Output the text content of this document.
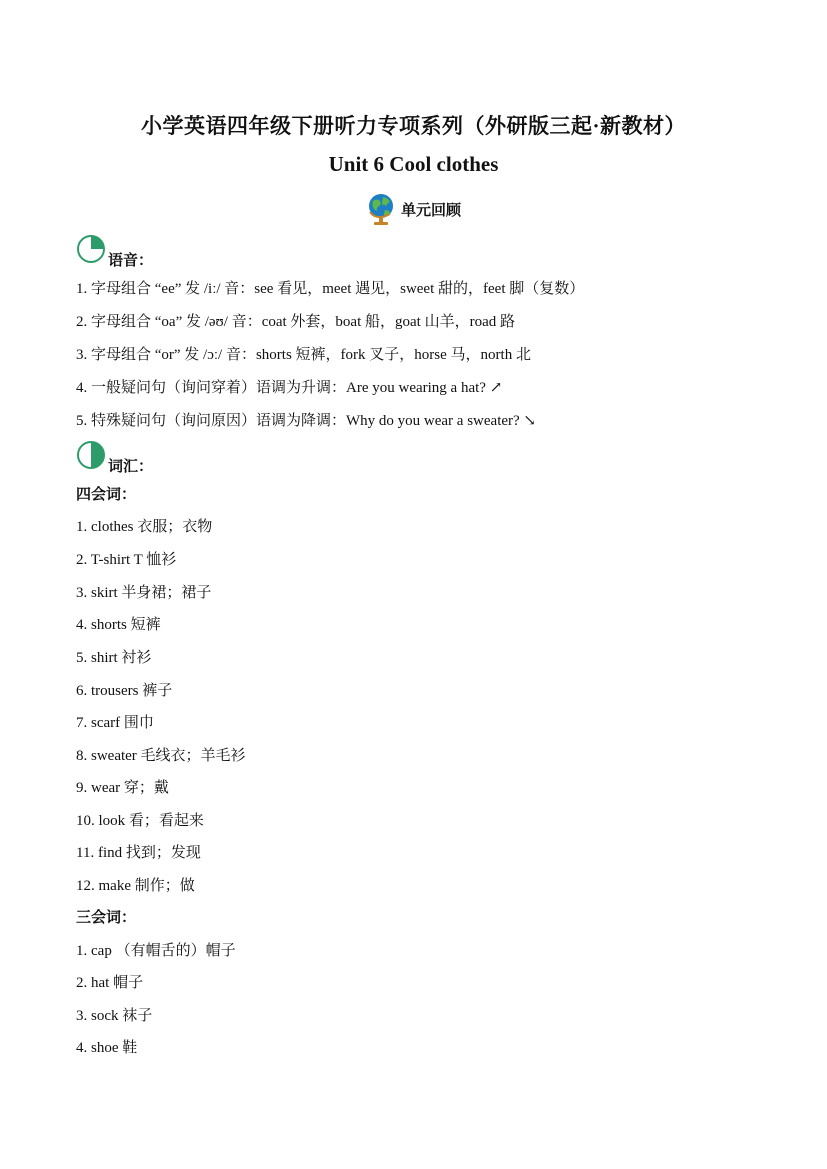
小学英语四年级下册听力专项系列（外研版三起·新教材）
Unit 6 Cool clothes
单元回顾
语音：
1. 字母组合 “ee” 发 /iː/ 音：see 看见，meet 遇见，sweet 甜的，feet 脚（复数）
2. 字母组合 “oa” 发 /əʊ/ 音：coat 外套，boat 船，goat 山羊，road 路
3. 字母组合 “or” 发 /ɔː/ 音：shorts 短裤，fork 叉子，horse 马，north 北
4. 一般疑问句（询问穿着）语调为升调：Are you wearing a hat? ↗
5. 特殊疑问句（询问原因）语调为降调：Why do you wear a sweater? ↘
词汇：
四会词：
1. clothes 衣服；衣物
2. T-shirt T 恤衫
3. skirt 半身裙；裙子
4. shorts 短裤
5. shirt 衬衫
6. trousers 裤子
7. scarf 围巾
8. sweater 毛线衣；羊毛衫
9. wear 穿；戴
10. look 看；看起来
11. find 找到；发现
12. make 制作；做
三会词：
1. cap （有帽舌的）帽子
2. hat 帽子
3. sock 袜子
4. shoe 鞋
